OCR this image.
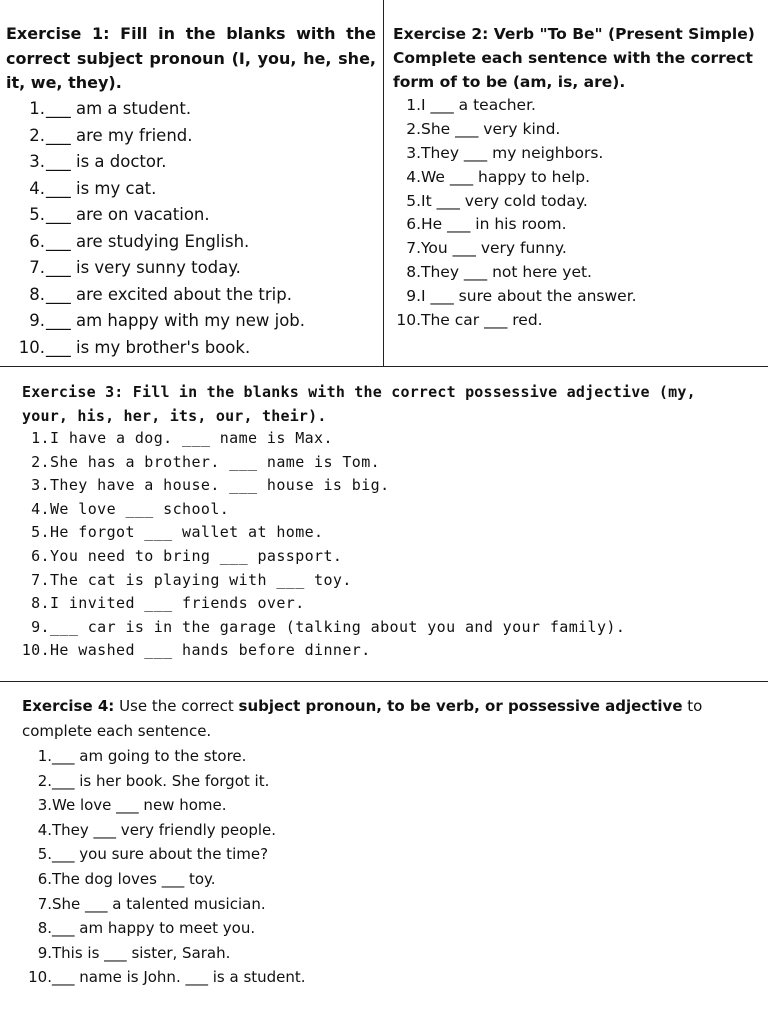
Exercise 1: Fill in the blanks with the correct subject pronoun (I, you, he, she, it, we, they).
1.___ am a student.
2.___ are my friend.
3.___ is a doctor.
4.___ is my cat.
5.___ are on vacation.
6.___ are studying English.
7.___ is very sunny today.
8.___ are excited about the trip.
9.___ am happy with my new job.
10.___ is my brother's book.
Exercise 2: Verb "To Be" (Present Simple)
Complete each sentence with the correct form of to be (am, is, are).
1.I ___ a teacher.
2.She ___ very kind.
3.They ___ my neighbors.
4.We ___ happy to help.
5.It ___ very cold today.
6.He ___ in his room.
7.You ___ very funny.
8.They ___ not here yet.
9.I ___ sure about the answer.
10.The car ___ red.
Exercise 3: Fill in the blanks with the correct possessive adjective (my, your, his, her, its, our, their).
1.I have a dog. ___ name is Max.
2.She has a brother. ___ name is Tom.
3.They have a house. ___ house is big.
4.We love ___ school.
5.He forgot ___ wallet at home.
6.You need to bring ___ passport.
7.The cat is playing with ___ toy.
8.I invited ___ friends over.
9.___ car is in the garage (talking about you and your family).
10.He washed ___ hands before dinner.
Exercise 4: Use the correct subject pronoun, to be verb, or possessive adjective to complete each sentence.
1.___ am going to the store.
2.___ is her book. She forgot it.
3.We love ___ new home.
4.They ___ very friendly people.
5.___ you sure about the time?
6.The dog loves ___ toy.
7.She ___ a talented musician.
8.___ am happy to meet you.
9.This is ___ sister, Sarah.
10.___ name is John. ___ is a student.
